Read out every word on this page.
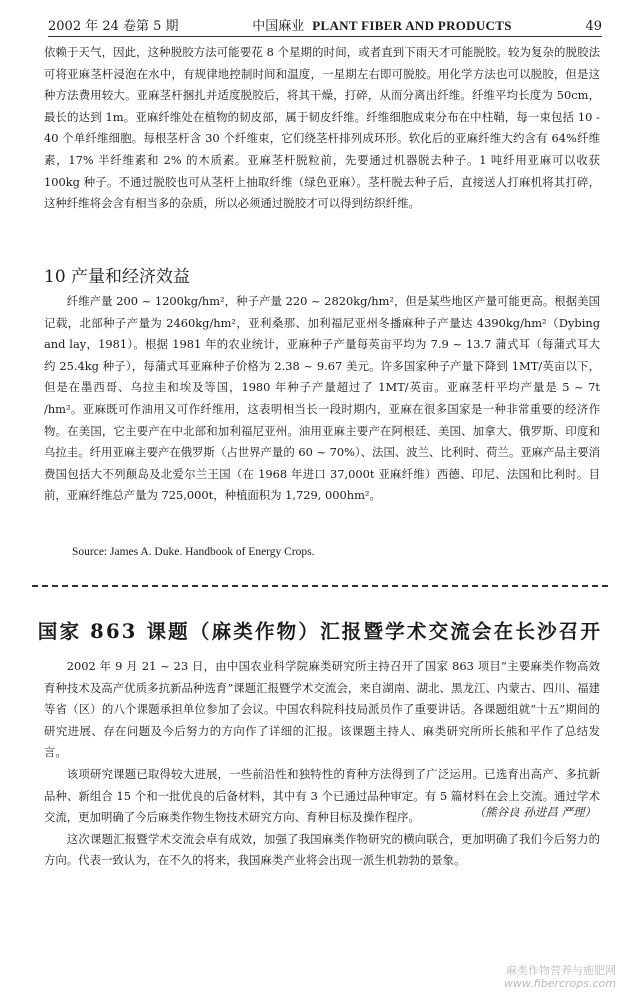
2002 年 24 卷第 5 期	中国麻业 PLANT FIBER AND PRODUCTS	49

依赖于天气，因此，这种脱胶方法可能要花 8 个星期的时间，或者直到下雨天才可能脱胶。较为复杂的脱胶法可将亚麻茎杆浸泡在水中，有规律地控制时间和温度，一星期左右即可脱胶。用化学方法也可以脱胶，但是这种方法费用较大。亚麻茎杆捆扎并适度脱胶后，将其干燥，打碎，从而分离出纤维。纤维平均长度为 50cm，最长的达到 1m。亚麻纤维处在植物的韧皮部，属于韧皮纤维。纤维细胞成束分布在中柱鞘，每一束包括 10 - 40 个单纤维细胞。每根茎杆含 30 个纤维束，它们绕茎杆排列成环形。软化后的亚麻纤维大约含有 64%纤维素，17% 半纤维素和 2% 的木质素。亚麻茎杆脱粒前，先要通过机器脱去种子。1 吨纤用亚麻可以收获 100kg 种子。不通过脱胶也可从茎杆上抽取纤维（绿色亚麻）。茎杆脱去种子后，直接送人打麻机将其打碎，这种纤维将会含有相当多的杂质，所以必须通过脱胶才可以得到纺织纤维。

10 产量和经济效益

纤维产量 200 ~ 1200kg/hm²，种子产量 220 ~ 2820kg/hm²，但是某些地区产量可能更高。根据美国记载，北部种子产量为 2460kg/hm²，亚利桑那、加利福尼亚州冬播麻种子产量达 4390kg/hm²（Dybing and lay，1981）。根据 1981 年的农业统计，亚麻种子产量每英亩平均为 7.9 ~ 13.7 蒲式耳（每蒲式耳大约 25.4kg 种子），每蒲式耳亚麻种子价格为 2.38 ~ 9.67 美元。许多国家种子产量下降到 1MT/英亩以下，但是在墨西哥、乌拉圭和埃及等国，1980 年种子产量超过了 1MT/英亩。亚麻茎杆平均产量是 5 ~ 7t /hm²。亚麻既可作油用又可作纤维用，这表明相当长一段时期内，亚麻在很多国家是一种非常重要的经济作物。在美国，它主要产在中北部和加利福尼亚州。油用亚麻主要产在阿根廷、美国、加拿大、俄罗斯、印度和乌拉圭。纤用亚麻主要产在俄罗斯（占世界产量的 60 ~ 70%）、法国、波兰、比利时、荷兰。亚麻产品主要消费国包括大不列颠岛及北爱尔兰王国（在 1968 年进口 37,000t 亚麻纤维）西德、印尼、法国和比利时。目前，亚麻纤维总产量为 725,000t，种植面积为 1,729, 000hm²。

Source: James A. Duke. Handbook of Energy Crops.
国家 863 课题（麻类作物）汇报暨学术交流会在长沙召开

2002 年 9 月 21 ~ 23 日，由中国农业科学院麻类研究所主持召开了国家 863 项目“主要麻类作物高效育种技术及高产优质多抗新品种选育”课题汇报暨学术交流会，来自湖南、湖北、黑龙江、内蒙古、四川、福建等省（区）的八个课题承担单位参加了会议。中国农科院科技局派员作了重要讲话。各课题组就“十五”期间的研究进展、存在问题及今后努力的方向作了详细的汇报。该课题主持人、麻类研究所所长熊和平作了总结发言。

该项研究课题已取得较大进展，一些前沿性和独特性的育种方法得到了广泛运用。已选育出高产、多抗新品种、新组合 15 个和一批优良的后备材料，其中有 3 个已通过品种审定。有 5 篇材料在会上交流。通过学术交流，更加明确了今后麻类作物生物技术研究方向、育种目标及操作程序。

这次课题汇报暨学术交流会卓有成效，加强了我国麻类作物研究的横向联合，更加明确了我们今后努力的方向。代表一致认为，在不久的将来，我国麻类产业将会出现一派生机勃勃的景象。

（熊谷良 孙进昌 严理）
麻类作物营养与施肥网
www.fibercrops.com
